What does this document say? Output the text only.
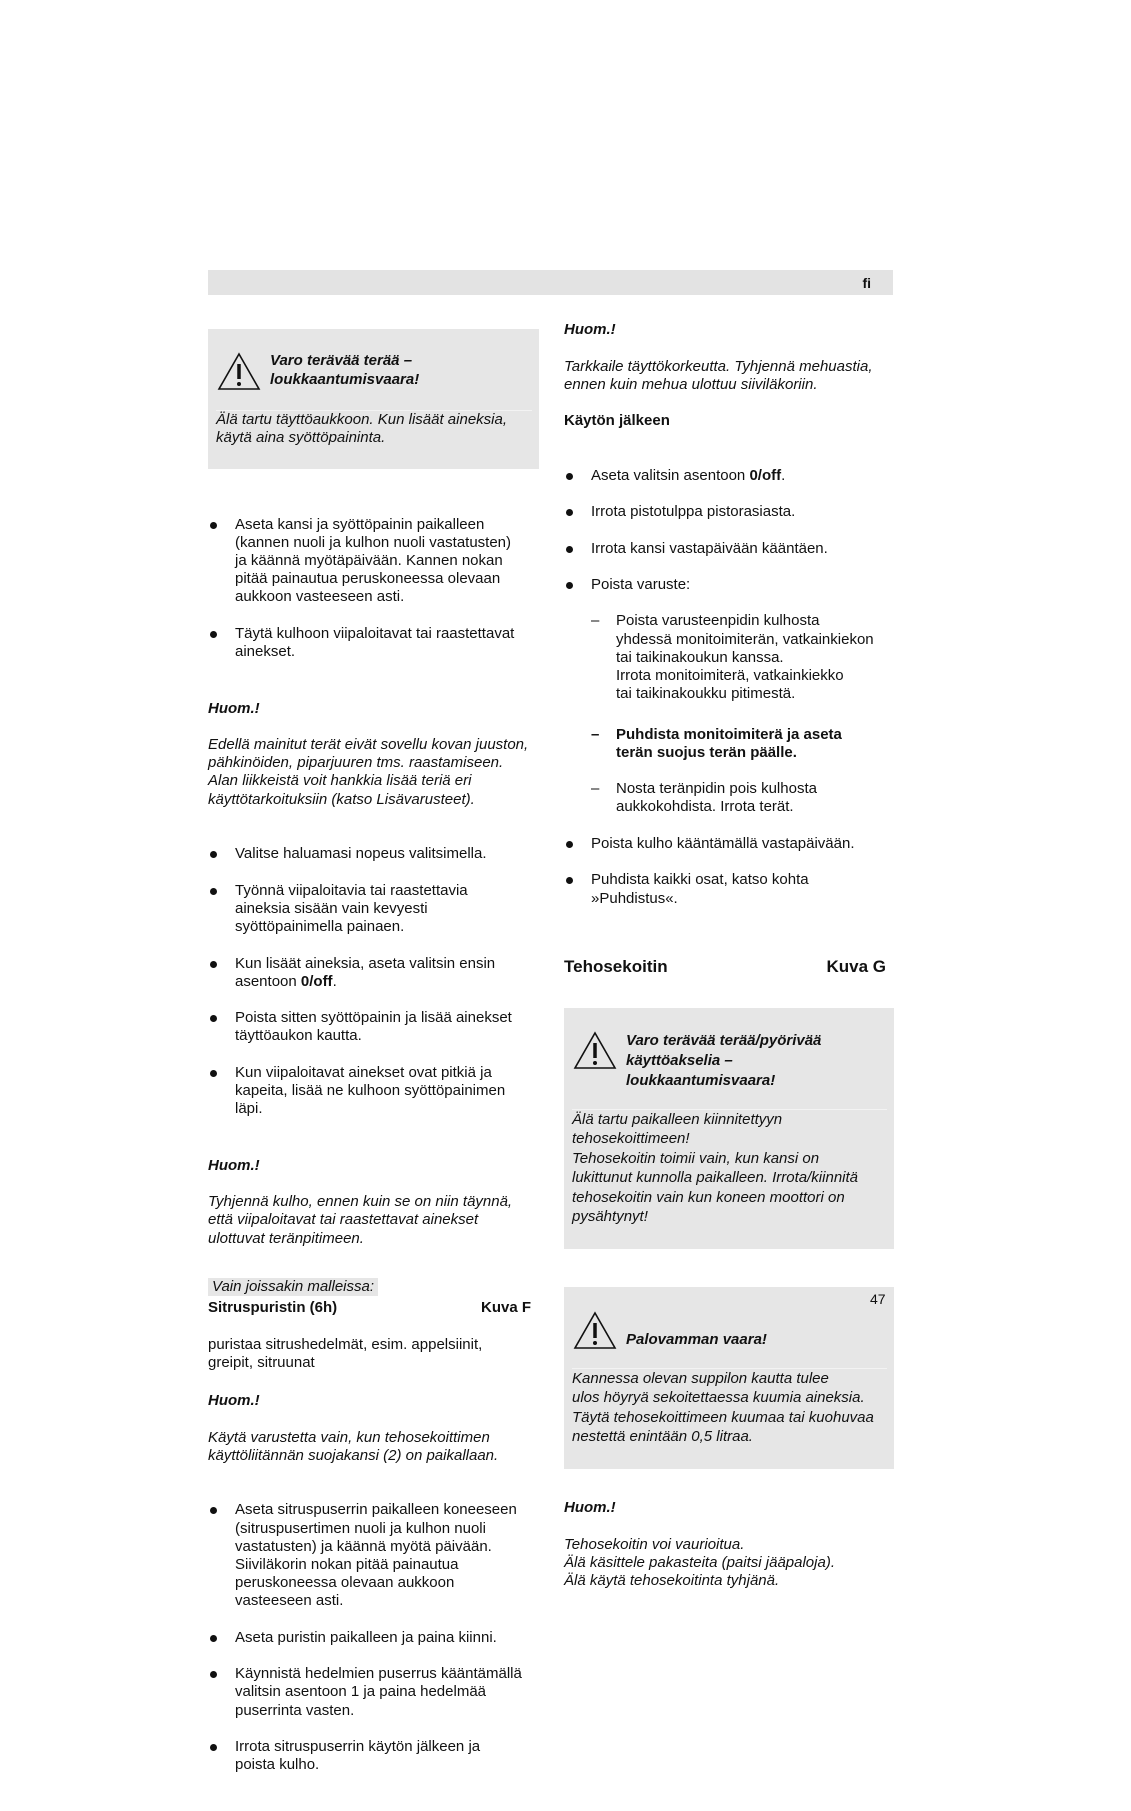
fi

Varo terävää terää –
loukkaantumisvaara!

Älä tartu täyttöaukkoon. Kun lisäät aineksia,
käytä aina syöttöpaininta.

Aseta kansi ja syöttöpainin paikalleen
(kannen nuoli ja kulhon nuoli vastatusten)
ja käännä myötäpäivään. Kannen nokan
pitää painautua peruskoneessa olevaan
aukkoon vasteeseen asti.

Täytä kulhoon viipaloitavat tai raastettavat
ainekset.

Huom.!

Edellä mainitut terät eivät sovellu kovan juuston,
pähkinöiden, piparjuuren tms. raastamiseen.
Alan liikkeistä voit hankkia lisää teriä eri
käyttötarkoituksiin (katso Lisävarusteet).

Valitse haluamasi nopeus valitsimella.

Työnnä viipaloitavia tai raastettavia
aineksia sisään vain kevyesti
syöttöpainimella painaen.

Kun lisäät aineksia, aseta valitsin ensin
asentoon 0/off.

Poista sitten syöttöpainin ja lisää ainekset
täyttöaukon kautta.

Kun viipaloitavat ainekset ovat pitkiä ja
kapeita, lisää ne kulhoon syöttöpainimen
läpi.

Huom.!

Tyhjennä kulho, ennen kuin se on niin täynnä,
että viipaloitavat tai raastettavat ainekset
ulottuvat teränpitimeen.

Vain joissakin malleissa:

Sitruspuristin (6h)	Kuva F

puristaa sitrushedelmät, esim. appelsiinit,
greipit, sitruunat

Huom.!

Käytä varustetta vain, kun tehosekoittimen
käyttöliitännän suojakansi (2) on paikallaan.

Aseta sitruspuserrin paikalleen koneeseen
(sitruspusertimen nuoli ja kulhon nuoli
vastatusten) ja käännä myötä päivään.
Siiviläkorin nokan pitää painautua
peruskoneessa olevaan aukkoon
vasteeseen asti.

Aseta puristin paikalleen ja paina kiinni.

Käynnistä hedelmien puserrus kääntämällä
valitsin asentoon 1 ja paina hedelmää
puserrinta vasten.

Irrota sitruspuserrin käytön jälkeen ja
poista kulho.

Huom.!

Tarkkaile täyttökorkeutta. Tyhjennä mehuastia,
ennen kuin mehua ulottuu siiviläkoriin.

Käytön jälkeen

Aseta valitsin asentoon 0/off.

Irrota pistotulppa pistorasiasta.

Irrota kansi vastapäivään kääntäen.

Poista varuste:

– Poista varusteenpidin kulhosta
yhdessä monitoimiterän, vatkainkiekon
tai taikinakoukun kanssa.
Irrota monitoimiterä, vatkainkiekko
tai taikinakoukku pitimestä.

– Puhdista monitoimiterä ja aseta
terän suojus terän päälle.

– Nosta teränpidin pois kulhosta
aukkokohdista. Irrota terät.

Poista kulho kääntämällä vastapäivään.

Puhdista kaikki osat, katso kohta
»Puhdistus«.

Tehosekoitin	Kuva G

Varo terävää terää/pyörivää
käyttöakselia –
loukkaantumisvaara!

Älä tartu paikalleen kiinnitettyyn
tehosekoittimeen!
Tehosekoitin toimii vain, kun kansi on
lukittunut kunnolla paikalleen. Irrota/kiinnitä
tehosekoitin vain kun koneen moottori on
pysähtynyt!

Palovamman vaara!

Kannessa olevan suppilon kautta tulee
ulos höyryä sekoitettaessa kuumia aineksia.
Täytä tehosekoittimeen kuumaa tai kuohuvaa
nestettä enintään 0,5 litraa.

Huom.!

Tehosekoitin voi vaurioitua.
Älä käsittele pakasteita (paitsi jääpaloja).
Älä käytä tehosekoitinta tyhjänä.

47
